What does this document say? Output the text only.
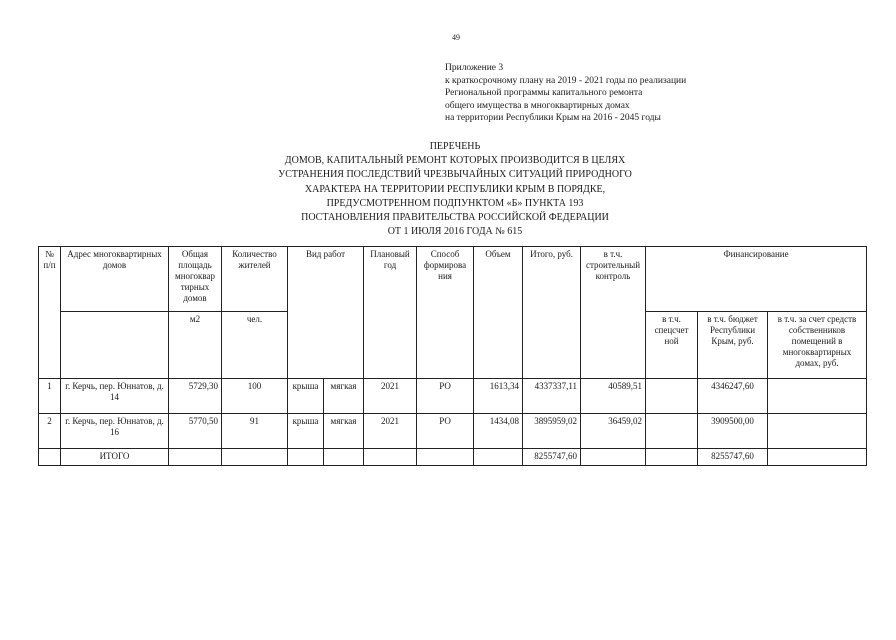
49
Приложение 3
к краткосрочному плану на 2019 - 2021 годы по реализации
Региональной программы капитального ремонта
общего имущества в многоквартирных домах
на территории Республики Крым на 2016 - 2045 годы
ПЕРЕЧЕНЬ
ДОМОВ, КАПИТАЛЬНЫЙ РЕМОНТ КОТОРЫХ ПРОИЗВОДИТСЯ В ЦЕЛЯХ
УСТРАНЕНИЯ ПОСЛЕДСТВИЙ ЧРЕЗВЫЧАЙНЫХ СИТУАЦИЙ ПРИРОДНОГО
ХАРАКТЕРА НА ТЕРРИТОРИИ РЕСПУБЛИКИ КРЫМ В ПОРЯДКЕ,
ПРЕДУСМОТРЕННОМ ПОДПУНКТОМ «Б» ПУНКТА 193
ПОСТАНОВЛЕНИЯ ПРАВИТЕЛЬСТВА РОССИЙСКОЙ ФЕДЕРАЦИИ
ОТ 1 ИЮЛЯ 2016 ГОДА № 615
№ п/п	Адрес многоквартирных домов	Общая площадь многоквар тирных домов	Количество жителей	Вид работ		Плановый год	Способ формирова ния	Объем	Итого, руб.	в т.ч. строительный контроль	Финансирование		
		м2	чел.								в т.ч. спецсчет ной	в т.ч. бюджет Республики Крым, руб.	в т.ч. за счет средств собственников помещений в многоквартирных домах, руб.
1	г. Керчь, пер. Юннатов, д. 14	5729,30	100	крыша	мягкая	2021	РО	1613,34	4337337,11	40589,51		4346247,60	
2	г. Керчь, пер. Юннатов, д. 16	5770,50	91	крыша	мягкая	2021	РО	1434,08	3895959,02	36459,02		3909500,00	
	ИТОГО								8255747,60			8255747,60	
